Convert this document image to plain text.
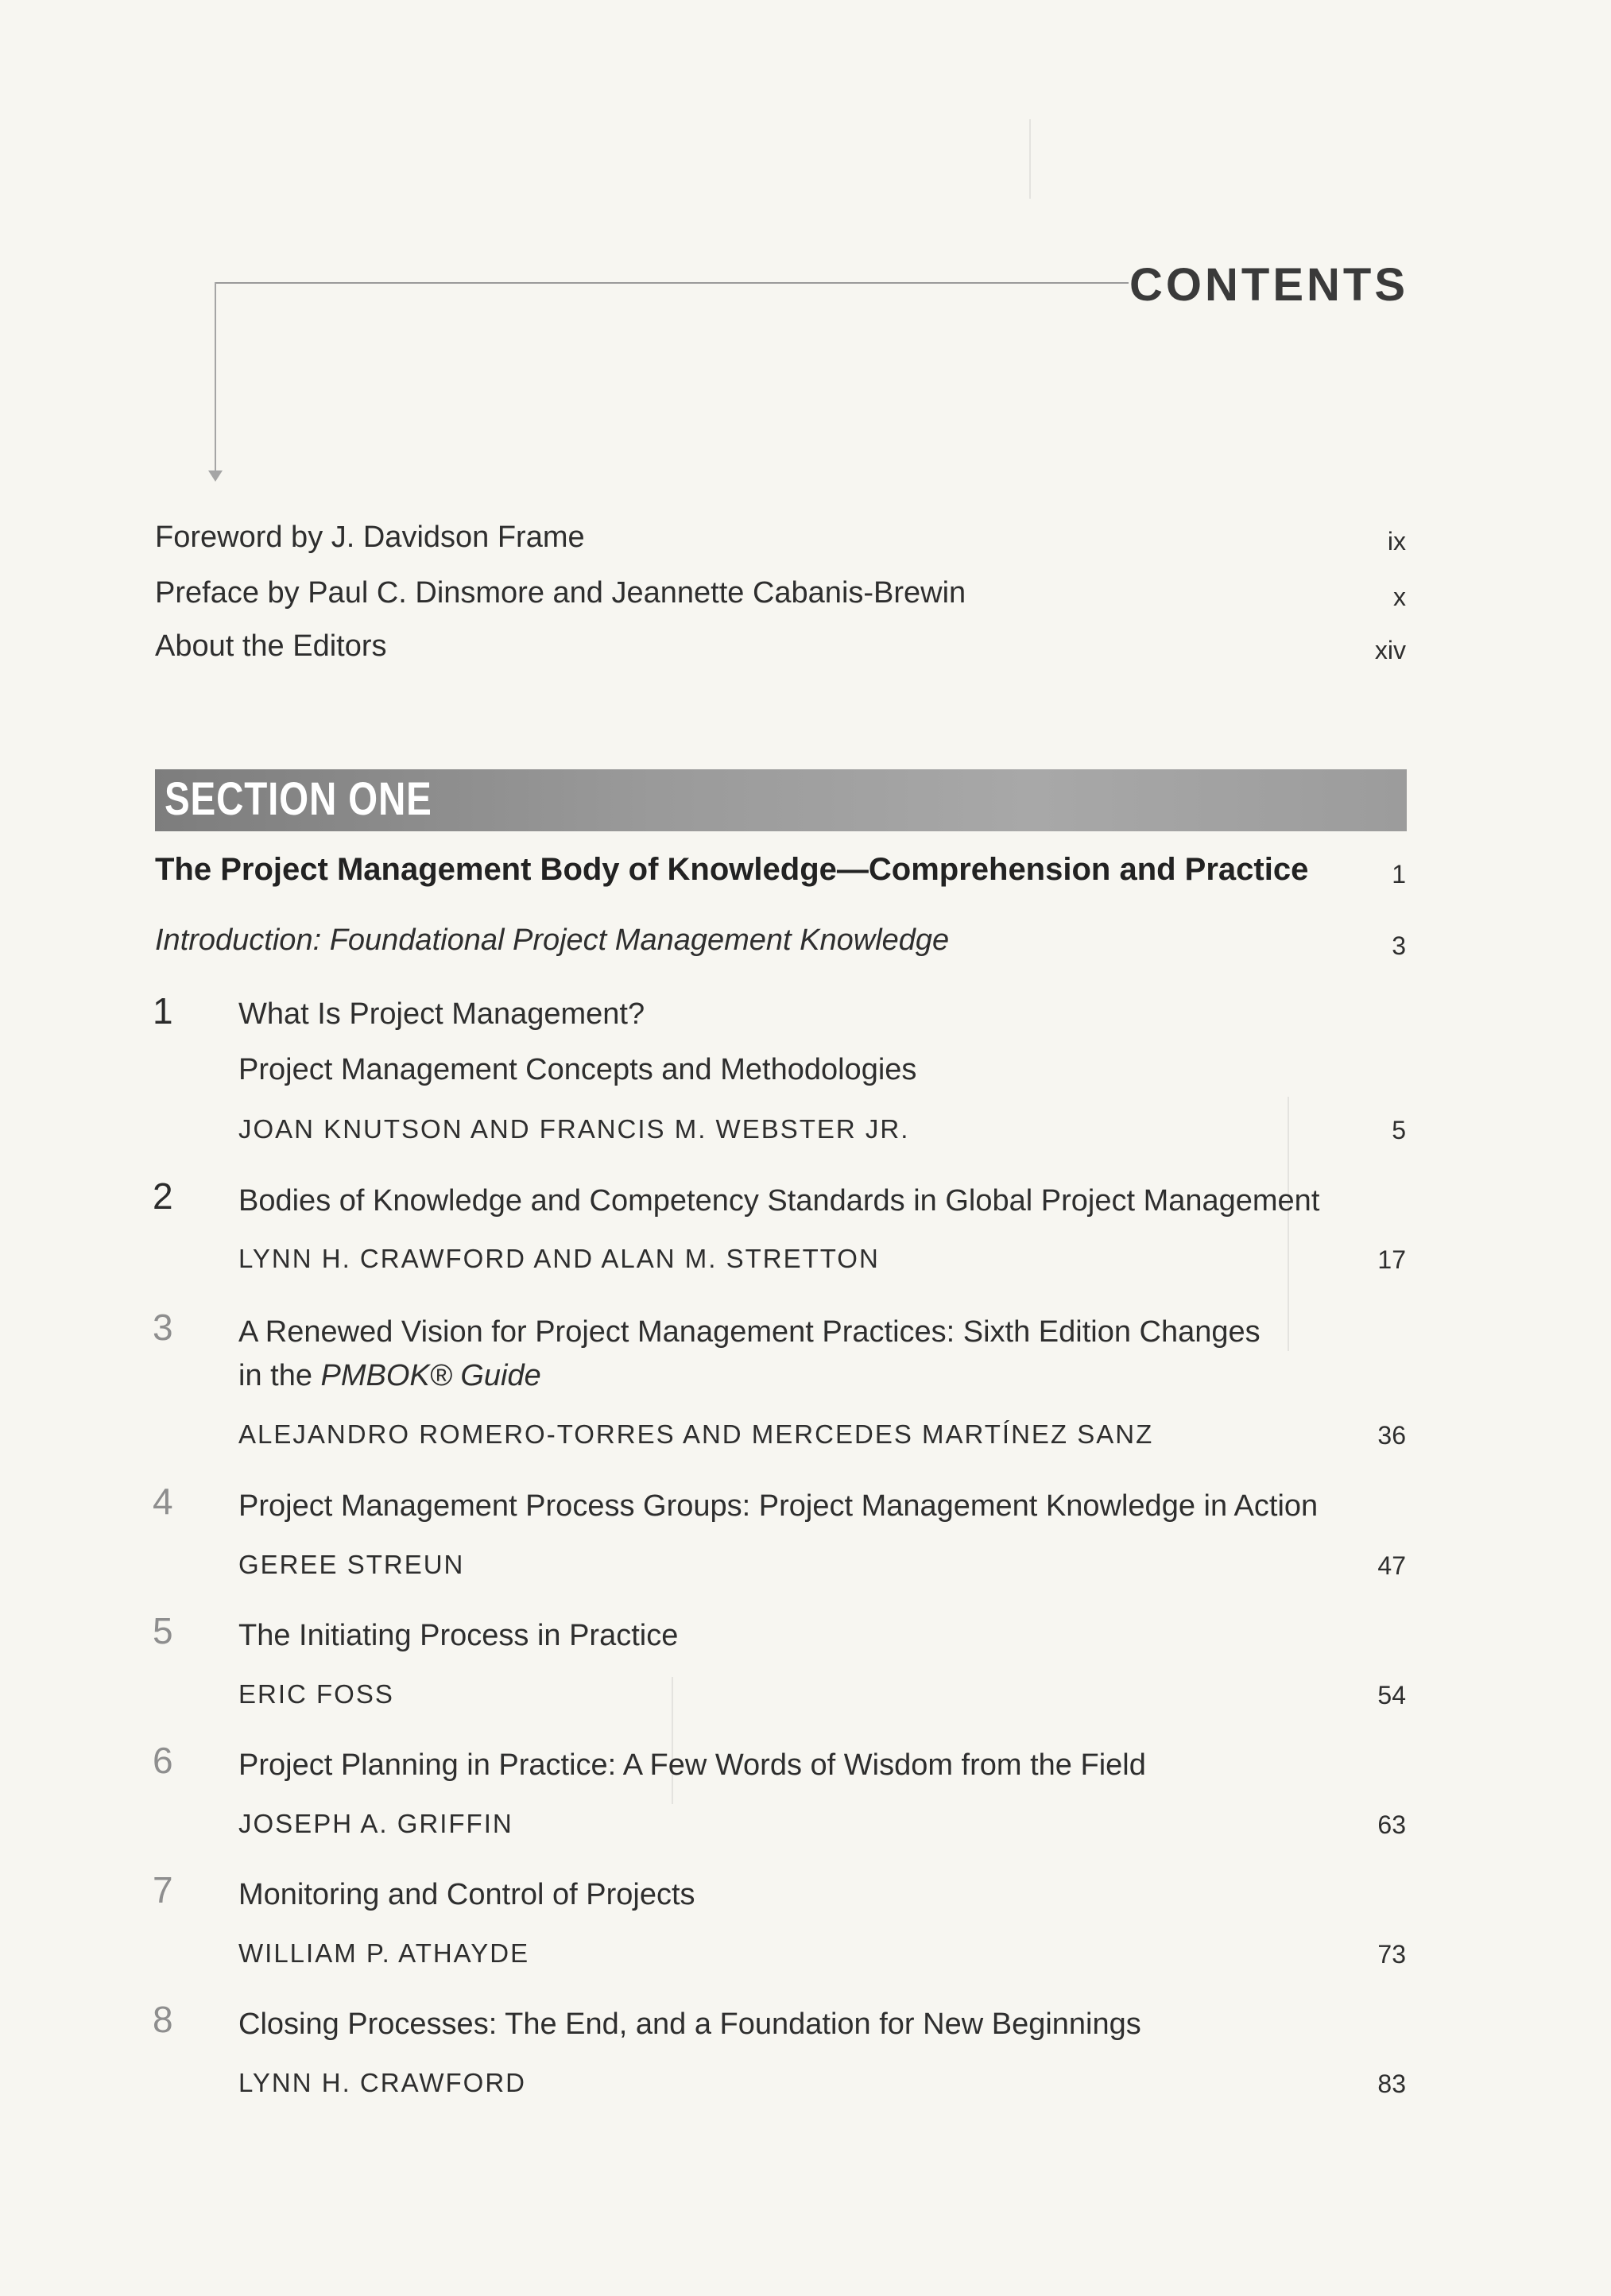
CONTENTS
Foreword by J. Davidson Frame	ix
Preface by Paul C. Dinsmore and Jeannette Cabanis-Brewin	x
About the Editors	xiv
SECTION ONE
The Project Management Body of Knowledge—Comprehension and Practice	1
Introduction: Foundational Project Management Knowledge	3
1 What Is Project Management?
Project Management Concepts and Methodologies
JOAN KNUTSON AND FRANCIS M. WEBSTER JR.	5
2 Bodies of Knowledge and Competency Standards in Global Project Management
LYNN H. CRAWFORD AND ALAN M. STRETTON	17
3 A Renewed Vision for Project Management Practices: Sixth Edition Changes
in the PMBOK® Guide
ALEJANDRO ROMERO-TORRES AND MERCEDES MARTÍNEZ SANZ	36
4 Project Management Process Groups: Project Management Knowledge in Action
GEREE STREUN	47
5 The Initiating Process in Practice
ERIC FOSS	54
6 Project Planning in Practice: A Few Words of Wisdom from the Field
JOSEPH A. GRIFFIN	63
7 Monitoring and Control of Projects
WILLIAM P. ATHAYDE	73
8 Closing Processes: The End, and a Foundation for New Beginnings
LYNN H. CRAWFORD	83
